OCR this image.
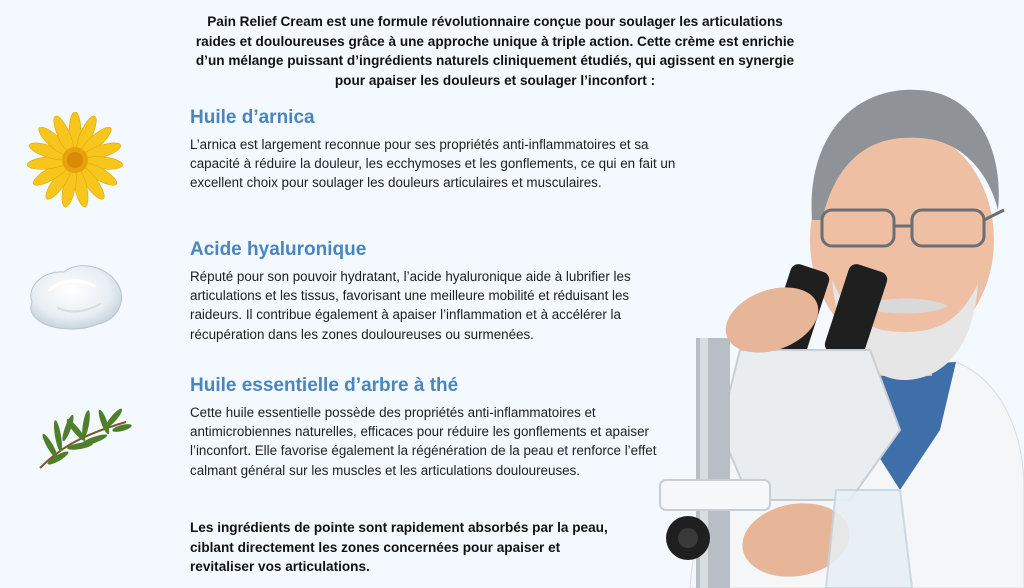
Pain Relief Cream est une formule révolutionnaire conçue pour soulager les articulations raides et douloureuses grâce à une approche unique à triple action. Cette crème est enrichie d’un mélange puissant d’ingrédients naturels cliniquement étudiés, qui agissent en synergie pour apaiser les douleurs et soulager l’inconfort :
Huile d’arnica

L’arnica est largement reconnue pour ses propriétés anti-inflammatoires et sa capacité à réduire la douleur, les ecchymoses et les gonflements, ce qui en fait un excellent choix pour soulager les douleurs articulaires et musculaires.

Acide hyaluronique

Réputé pour son pouvoir hydratant, l’acide hyaluronique aide à lubrifier les articulations et les tissus, favorisant une meilleure mobilité et réduisant les raideurs. Il contribue également à apaiser l’inflammation et à accélérer la récupération dans les zones douloureuses ou surmenées.

Huile essentielle d’arbre à thé

Cette huile essentielle possède des propriétés anti-inflammatoires et antimicrobiennes naturelles, efficaces pour réduire les gonflements et apaiser l’inconfort. Elle favorise également la régénération de la peau et renforce l’effet calmant général sur les muscles et les articulations douloureuses.

Les ingrédients de pointe sont rapidement absorbés par la peau, ciblant directement les zones concernées pour apaiser et revitaliser vos articulations.
